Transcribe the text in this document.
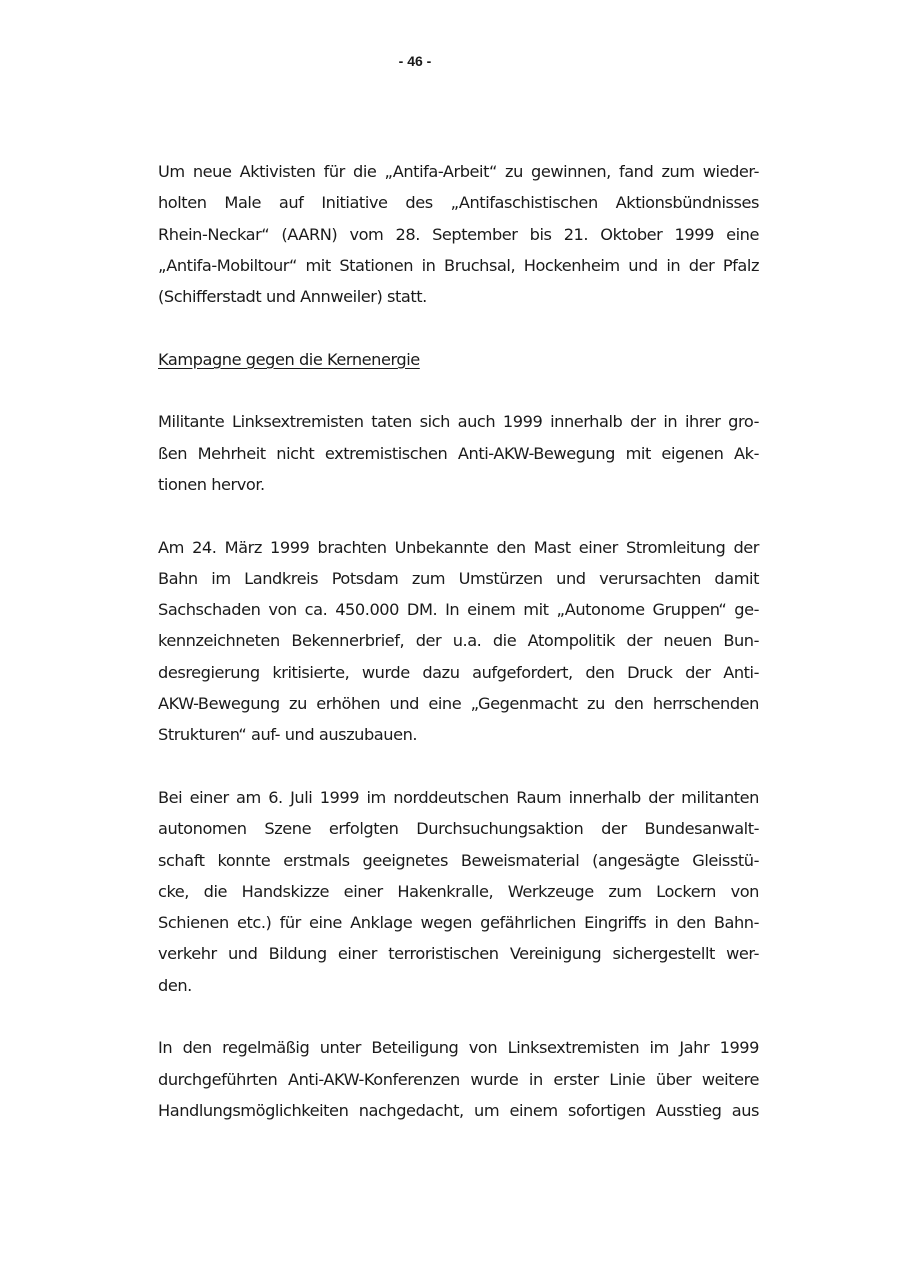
- 46 -

Um neue Aktivisten für die „Antifa-Arbeit“ zu gewinnen, fand zum wieder-
holten Male auf Initiative des „Antifaschistischen Aktionsbündnisses
Rhein-Neckar“ (AARN) vom 28. September bis 21. Oktober 1999 eine
„Antifa-Mobiltour“ mit Stationen in Bruchsal, Hockenheim und in der Pfalz
(Schifferstadt und Annweiler) statt.

Kampagne gegen die Kernenergie

Militante Linksextremisten taten sich auch 1999 innerhalb der in ihrer gro-
ßen Mehrheit nicht extremistischen Anti-AKW-Bewegung mit eigenen Ak-
tionen hervor.

Am 24. März 1999 brachten Unbekannte den Mast einer Stromleitung der
Bahn im Landkreis Potsdam zum Umstürzen und verursachten damit
Sachschaden von ca. 450.000 DM. In einem mit „Autonome Gruppen“ ge-
kennzeichneten Bekennerbrief, der u.a. die Atompolitik der neuen Bun-
desregierung kritisierte, wurde dazu aufgefordert, den Druck der Anti-
AKW-Bewegung zu erhöhen und eine „Gegenmacht zu den herrschenden
Strukturen“ auf- und auszubauen.

Bei einer am 6. Juli 1999 im norddeutschen Raum innerhalb der militanten
autonomen Szene erfolgten Durchsuchungsaktion der Bundesanwalt-
schaft konnte erstmals geeignetes Beweismaterial (angesägte Gleisstü-
cke, die Handskizze einer Hakenkralle, Werkzeuge zum Lockern von
Schienen etc.) für eine Anklage wegen gefährlichen Eingriffs in den Bahn-
verkehr und Bildung einer terroristischen Vereinigung sichergestellt wer-
den.

In den regelmäßig unter Beteiligung von Linksextremisten im Jahr 1999
durchgeführten Anti-AKW-Konferenzen wurde in erster Linie über weitere
Handlungsmöglichkeiten nachgedacht, um einem sofortigen Ausstieg aus
